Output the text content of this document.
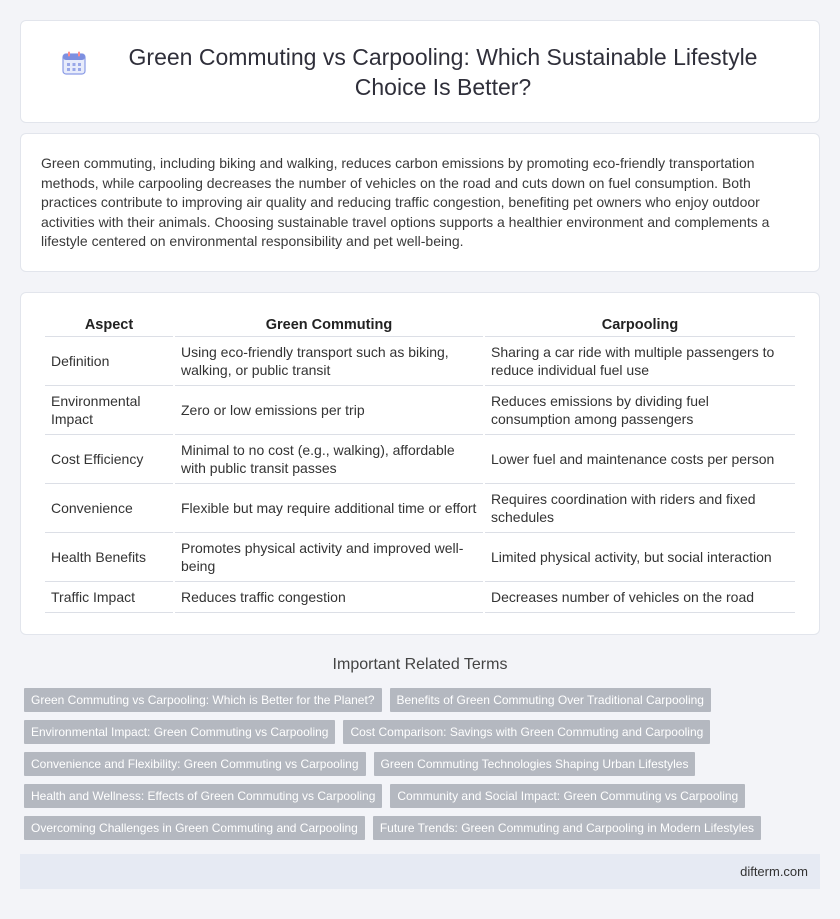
Green Commuting vs Carpooling: Which Sustainable Lifestyle Choice Is Better?

Green commuting, including biking and walking, reduces carbon emissions by promoting eco-friendly transportation methods, while carpooling decreases the number of vehicles on the road and cuts down on fuel consumption. Both practices contribute to improving air quality and reducing traffic congestion, benefiting pet owners who enjoy outdoor activities with their animals. Choosing sustainable travel options supports a healthier environment and complements a lifestyle centered on environmental responsibility and pet well-being.

Aspect	Green Commuting	Carpooling
Definition	Using eco-friendly transport such as biking, walking, or public transit	Sharing a car ride with multiple passengers to reduce individual fuel use
Environmental Impact	Zero or low emissions per trip	Reduces emissions by dividing fuel consumption among passengers
Cost Efficiency	Minimal to no cost (e.g., walking), affordable with public transit passes	Lower fuel and maintenance costs per person
Convenience	Flexible but may require additional time or effort	Requires coordination with riders and fixed schedules
Health Benefits	Promotes physical activity and improved well-being	Limited physical activity, but social interaction
Traffic Impact	Reduces traffic congestion	Decreases number of vehicles on the road
Important Related Terms
Green Commuting vs Carpooling: Which is Better for the Planet?	Benefits of Green Commuting Over Traditional Carpooling
Environmental Impact: Green Commuting vs Carpooling	Cost Comparison: Savings with Green Commuting and Carpooling
Convenience and Flexibility: Green Commuting vs Carpooling	Green Commuting Technologies Shaping Urban Lifestyles
Health and Wellness: Effects of Green Commuting vs Carpooling	Community and Social Impact: Green Commuting vs Carpooling
Overcoming Challenges in Green Commuting and Carpooling	Future Trends: Green Commuting and Carpooling in Modern Lifestyles
difterm.com
